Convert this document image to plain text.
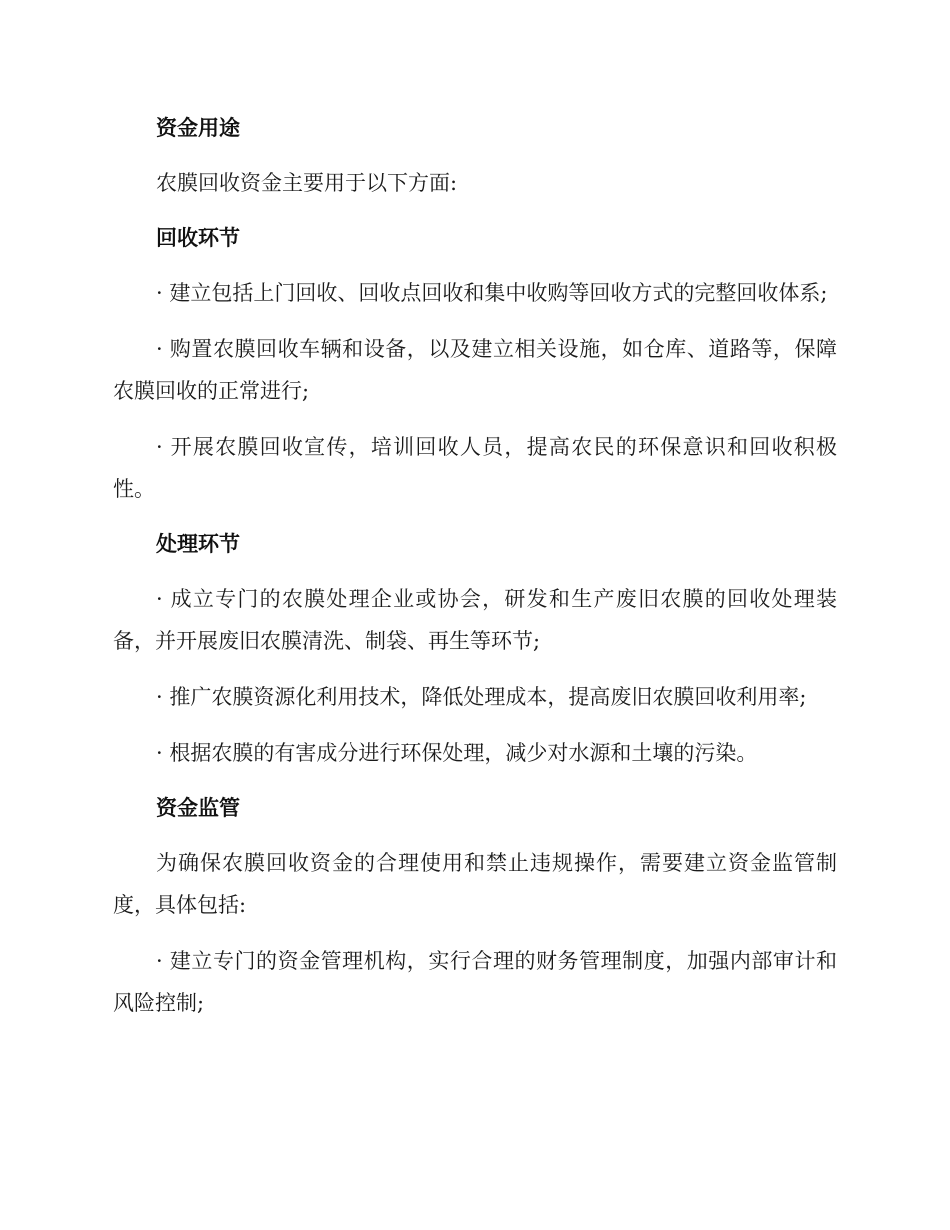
资金用途

农膜回收资金主要用于以下方面:

回收环节

· 建立包括上门回收、回收点回收和集中收购等回收方式的完整回收体系;

· 购置农膜回收车辆和设备，以及建立相关设施，如仓库、道路等，保障农膜回收的正常进行;

· 开展农膜回收宣传，培训回收人员，提高农民的环保意识和回收积极性。

处理环节

· 成立专门的农膜处理企业或协会，研发和生产废旧农膜的回收处理装备，并开展废旧农膜清洗、制袋、再生等环节;

· 推广农膜资源化利用技术，降低处理成本，提高废旧农膜回收利用率;

· 根据农膜的有害成分进行环保处理，减少对水源和土壤的污染。

资金监管

为确保农膜回收资金的合理使用和禁止违规操作，需要建立资金监管制度，具体包括:

· 建立专门的资金管理机构，实行合理的财务管理制度，加强内部审计和风险控制;
